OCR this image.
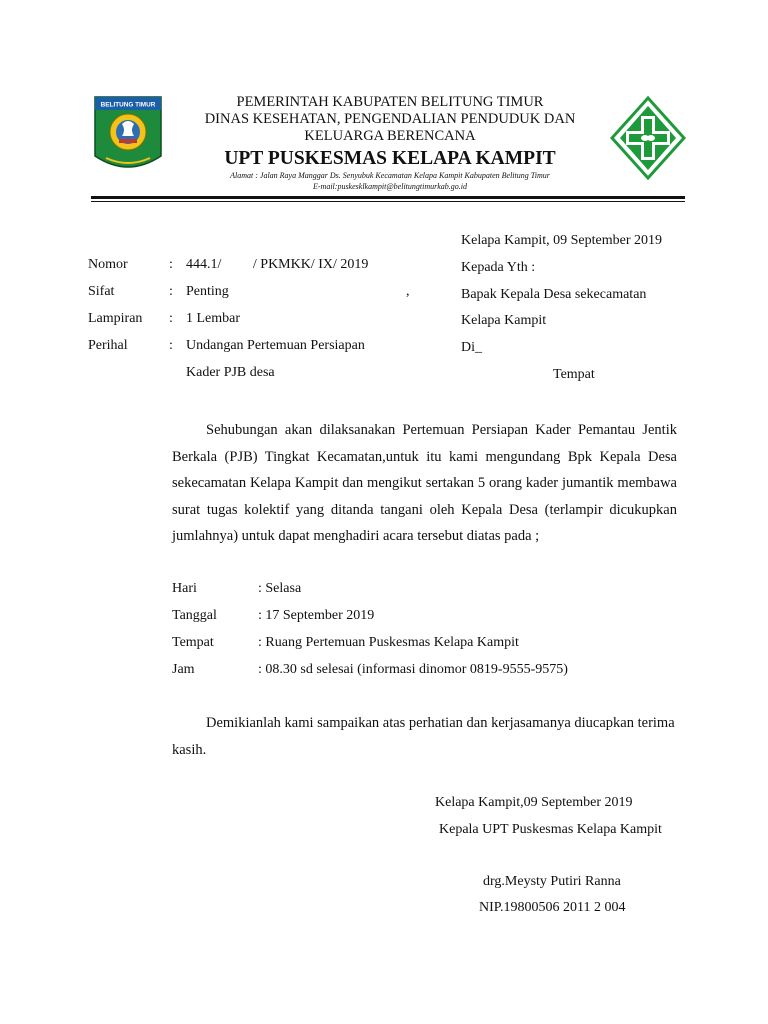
BELITUNG TIMUR	PEMERINTAH KABUPATEN BELITUNG TIMUR
DINAS KESEHATAN, PENGENDALIAN PENDUDUK DAN
KELUARGA BERENCANA
UPT PUSKESMAS KELAPA KAMPIT
Alamat : Jalan Raya Manggar Ds. Senyubuk Kecamatan Kelapa Kampit Kabupaten Belitung Timur
E-mail:puskesklkampit@belitungtimurkab.go.id
Kelapa Kampit, 09 September 2019
Kepada Yth :
Bapak Kepala Desa sekecamatan
Kelapa Kampit
Di_
Tempat
Nomor	: 444.1/         / PKMKK/ IX/ 2019
Sifat	: Penting	,
Lampiran : 1 Lembar
Perihal	: Undangan Pertemuan Persiapan
Kader PJB desa
Sehubungan akan dilaksanakan Pertemuan Persiapan Kader Pemantau Jentik Berkala (PJB) Tingkat Kecamatan,untuk itu kami mengundang Bpk Kepala Desa sekecamatan Kelapa Kampit dan mengikut sertakan 5 orang kader jumantik membawa surat tugas kolektif yang ditanda tangani oleh Kepala Desa (terlampir dicukupkan jumlahnya) untuk dapat menghadiri acara tersebut diatas pada ;
Hari	: Selasa
Tanggal	: 17 September 2019
Tempat	: Ruang Pertemuan Puskesmas Kelapa Kampit
Jam	: 08.30 sd selesai (informasi dinomor 0819-9555-9575)
Demikianlah kami sampaikan atas perhatian dan kerjasamanya diucapkan terima kasih.
Kelapa Kampit,09 September 2019
Kepala UPT Puskesmas Kelapa Kampit
drg.Meysty Putiri Ranna
NIP.19800506 2011 2 004
